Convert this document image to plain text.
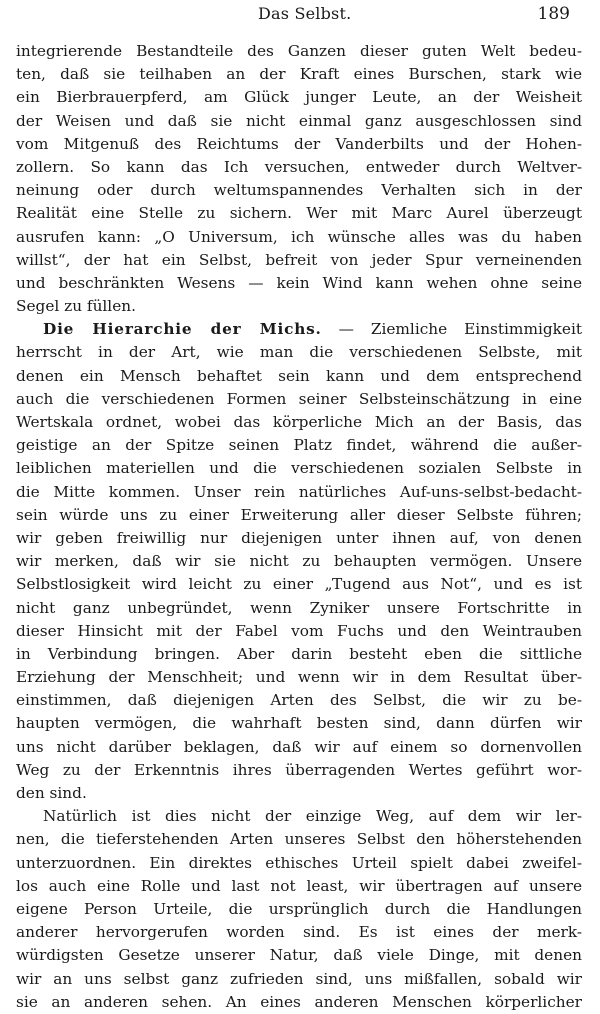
Das Selbst.	189
integrierende Bestandteile des Ganzen dieser guten Welt bedeu-
ten, daß sie teilhaben an der Kraft eines Burschen, stark wie
ein Bierbrauerpferd, am Glück junger Leute, an der Weisheit
der Weisen und daß sie nicht einmal ganz ausgeschlossen sind
vom Mitgenuß des Reichtums der Vanderbilts und der Hohen-
zollern. So kann das Ich versuchen, entweder durch Weltver-
neinung oder durch weltumspannendes Verhalten sich in der
Realität eine Stelle zu sichern. Wer mit Marc Aurel überzeugt
ausrufen kann: „O Universum, ich wünsche alles was du haben
willst“, der hat ein Selbst, befreit von jeder Spur verneinenden
und beschränkten Wesens — kein Wind kann wehen ohne seine
Segel zu füllen.
Die Hierarchie der Michs. — Ziemliche Einstimmigkeit
herrscht in der Art, wie man die verschiedenen Selbste, mit
denen ein Mensch behaftet sein kann und dem entsprechend
auch die verschiedenen Formen seiner Selbsteinschätzung in eine
Wertskala ordnet, wobei das körperliche Mich an der Basis, das
geistige an der Spitze seinen Platz findet, während die außer-
leiblichen materiellen und die verschiedenen sozialen Selbste in
die Mitte kommen. Unser rein natürliches Auf-uns-selbst-bedacht-
sein würde uns zu einer Erweiterung aller dieser Selbste führen;
wir geben freiwillig nur diejenigen unter ihnen auf, von denen
wir merken, daß wir sie nicht zu behaupten vermögen. Unsere
Selbstlosigkeit wird leicht zu einer „Tugend aus Not“, und es ist
nicht ganz unbegründet, wenn Zyniker unsere Fortschritte in
dieser Hinsicht mit der Fabel vom Fuchs und den Weintrauben
in Verbindung bringen. Aber darin besteht eben die sittliche
Erziehung der Menschheit; und wenn wir in dem Resultat über-
einstimmen, daß diejenigen Arten des Selbst, die wir zu be-
haupten vermögen, die wahrhaft besten sind, dann dürfen wir
uns nicht darüber beklagen, daß wir auf einem so dornenvollen
Weg zu der Erkenntnis ihres überragenden Wertes geführt wor-
den sind.
Natürlich ist dies nicht der einzige Weg, auf dem wir ler-
nen, die tieferstehenden Arten unseres Selbst den höherstehenden
unterzuordnen. Ein direktes ethisches Urteil spielt dabei zweifel-
los auch eine Rolle und last not least, wir übertragen auf unsere
eigene Person Urteile, die ursprünglich durch die Handlungen
anderer hervorgerufen worden sind. Es ist eines der merk-
würdigsten Gesetze unserer Natur, daß viele Dinge, mit denen
wir an uns selbst ganz zufrieden sind, uns mißfallen, sobald wir
sie an anderen sehen. An eines anderen Menschen körperlicher
